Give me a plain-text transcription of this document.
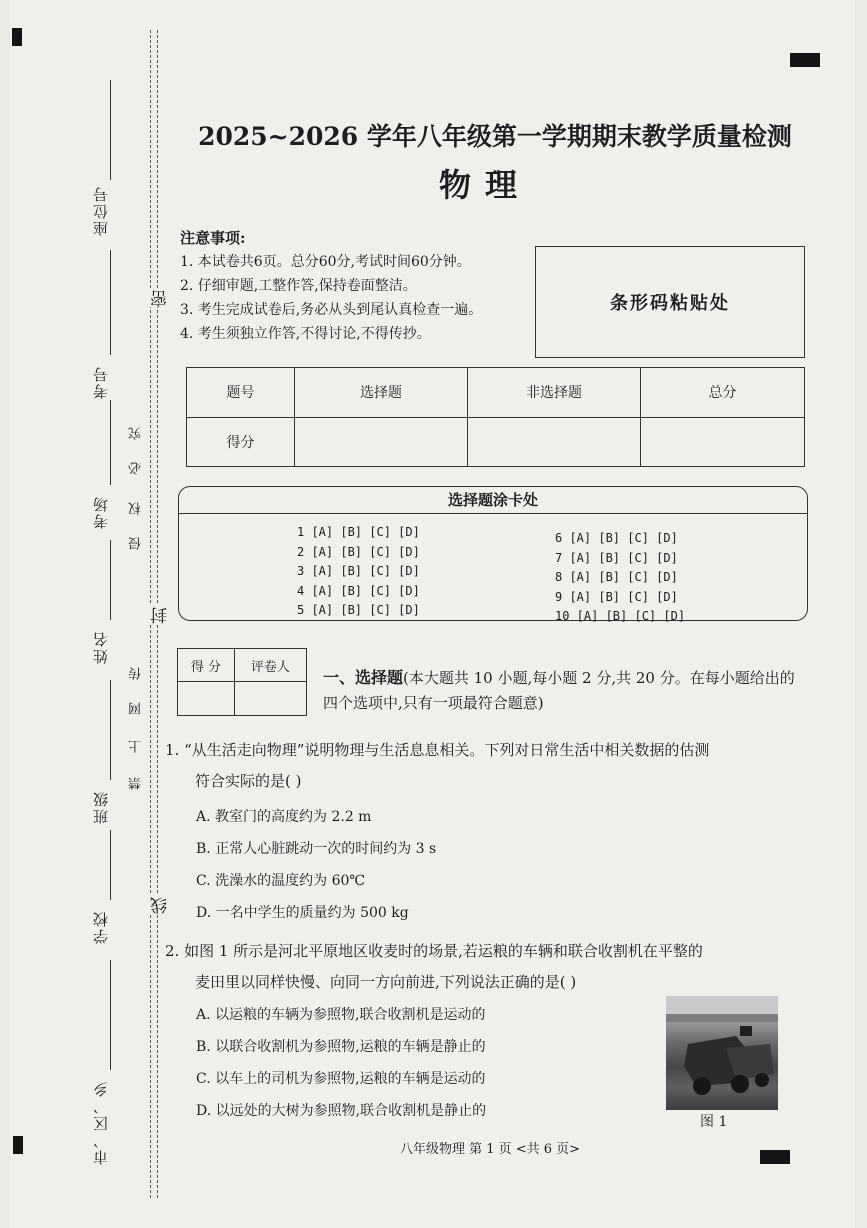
座位号
考号
考场
姓名
班级
学校
市、区、乡
密
封
线
究
必
权
侵
传
网
上
禁
2025~2026 学年八年级第一学期期末教学质量检测
物理
注意事项:
1. 本试卷共6页。总分60分,考试时间60分钟。
2. 仔细审题,工整作答,保持卷面整洁。
3. 考生完成试卷后,务必从头到尾认真检查一遍。
4. 考生须独立作答,不得讨论,不得传抄。
条形码粘贴处
题号	选择题	非选择题	总分
得分			
选择题涂卡处
1 [A] [B] [C] [D]
2 [A] [B] [C] [D]
3 [A] [B] [C] [D]
4 [A] [B] [C] [D]
5 [A] [B] [C] [D]
6 [A] [B] [C] [D]
7 [A] [B] [C] [D]
8 [A] [B] [C] [D]
9 [A] [B] [C] [D]
10 [A] [B] [C] [D]
得 分	评卷人

一、选择题(本大题共 10 小题,每小题 2 分,共 20 分。在每小题给出的四个选项中,只有一项最符合题意)
1. “从生活走向物理”说明物理与生活息息相关。下列对日常生活中相关数据的估测
符合实际的是( )
A. 教室门的高度约为 2.2 m
B. 正常人心脏跳动一次的时间约为 3 s
C. 洗澡水的温度约为 60℃
D. 一名中学生的质量约为 500 kg
2. 如图 1 所示是河北平原地区收麦时的场景,若运粮的车辆和联合收割机在平整的
麦田里以同样快慢、向同一方向前进,下列说法正确的是( )
A. 以运粮的车辆为参照物,联合收割机是运动的
B. 以联合收割机为参照物,运粮的车辆是静止的
C. 以车上的司机为参照物,运粮的车辆是运动的
D. 以远处的大树为参照物,联合收割机是静止的
图 1
八年级物理 第 1 页 <共 6 页>
